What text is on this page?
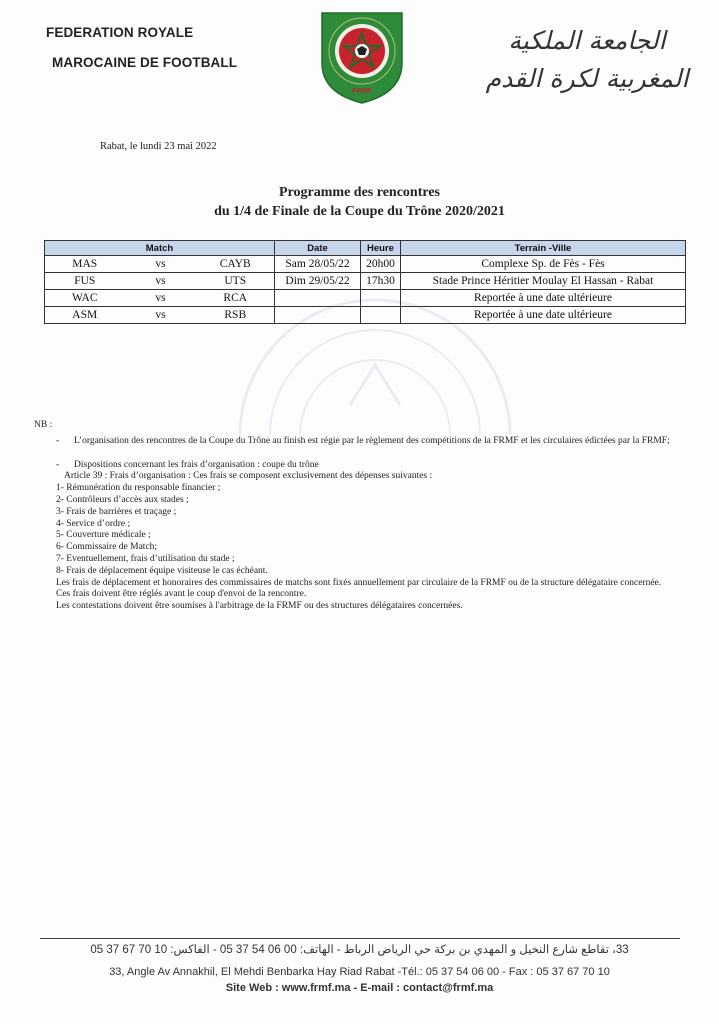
FEDERATION ROYALE
MAROCAINE DE FOOTBALL
FRMF
الجامعة الملكية
المغربية لكرة القدم
Rabat, le lundi 23 mai 2022
Programme des rencontres
du 1/4 de Finale de la Coupe du Trône 2020/2021
Match			Date	Heure	Terrain -Ville
MAS	vs	CAYB	Sam 28/05/22	20h00	Complexe Sp. de Fès - Fès
FUS	vs	UTS	Dim 29/05/22	17h30	Stade Prince Héritier Moulay El Hassan - Rabat
WAC	vs	RCA			Reportée à une date ultérieure
ASM	vs	RSB			Reportée à une date ultérieure
NB :
- L’organisation des rencontres de la Coupe du Trône au finish est régie par le règlement des compétitions de la FRMF et les circulaires édictées par la FRMF;
- Dispositions concernant les frais d’organisation : coupe du trône
Article 39 : Frais d’organisation : Ces frais se composent exclusivement des dépenses suivantes :
1- Rémunération du responsable financier ;
2- Contrôleurs d’accès aux stades ;
3- Frais de barrières et traçage ;
4- Service d’ordre ;
5- Couverture médicale ;
6- Commissaire de Match;
7- Eventuellement, frais d’utilisation du stade ;
8- Frais de déplacement équipe visiteuse le cas échéant.
Les frais de déplacement et honoraires des commissaires de matchs sont fixés annuellement par circulaire de la FRMF ou de la structure délégataire concernée. Ces frais doivent être réglés avant le coup d'envoi de la rencontre.
Les contestations doivent être soumises à l'arbitrage de la FRMF ou des structures délégataires concernées.
33، تقاطع شارع النخيل و المهدي بن بركة حي الرياض الرباط - الهاتف: 00 06 54 37 05 - الفاكس: 10 70 67 37 05
33, Angle Av Annakhil, El Mehdi Benbarka Hay Riad Rabat -Tél.: 05 37 54 06 00 - Fax : 05 37 67 70 10
Site Web : www.frmf.ma - E-mail : contact@frmf.ma
